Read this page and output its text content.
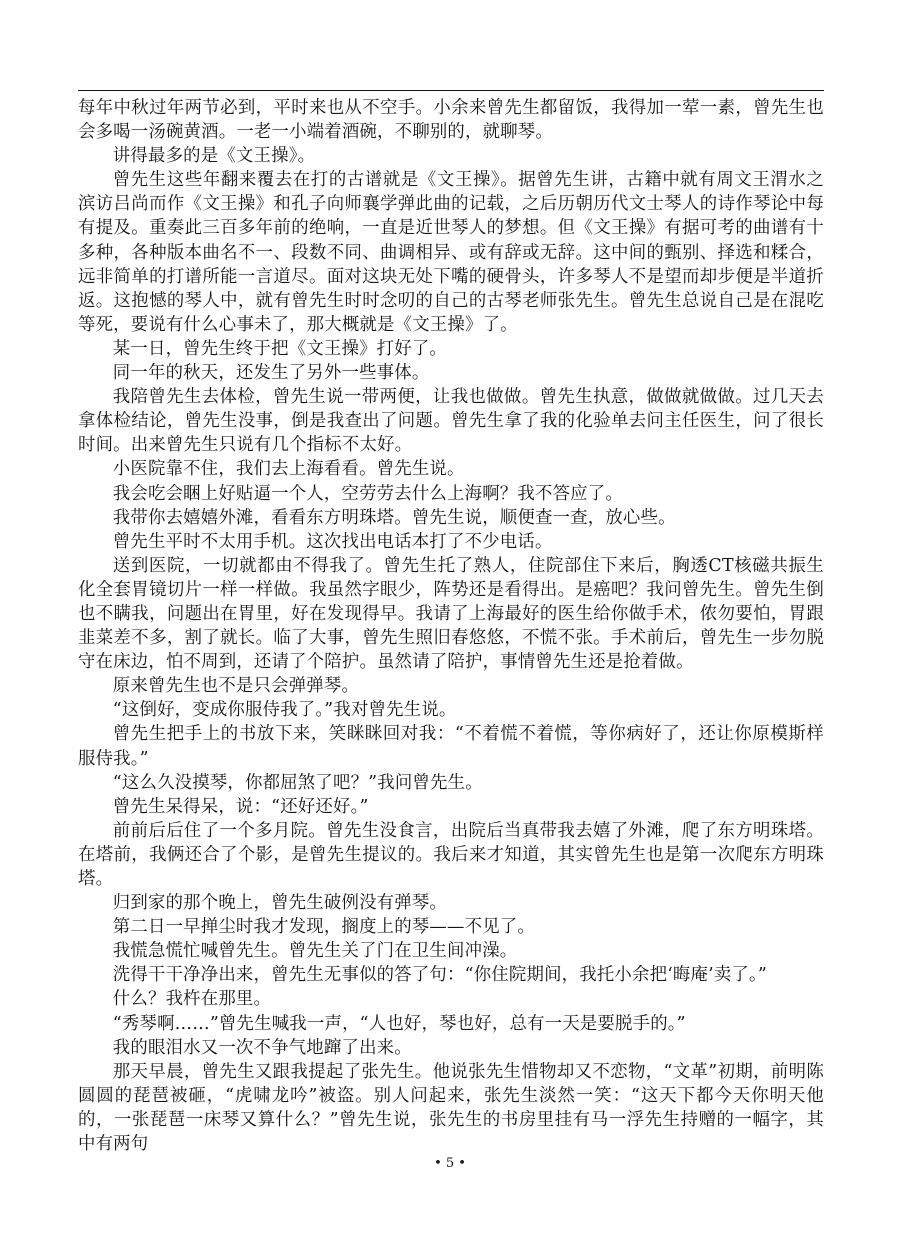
每年中秋过年两节必到，平时来也从不空手。小余来曾先生都留饭，我得加一荤一素，曾先生也会多喝一汤碗黄酒。一老一小端着酒碗，不聊别的，就聊琴。

讲得最多的是《文王操》。

曾先生这些年翻来覆去在打的古谱就是《文王操》。据曾先生讲，古籍中就有周文王渭水之滨访吕尚而作《文王操》和孔子向师襄学弹此曲的记载，之后历朝历代文士琴人的诗作琴论中每有提及。重奏此三百多年前的绝响，一直是近世琴人的梦想。但《文王操》有据可考的曲谱有十多种，各种版本曲名不一、段数不同、曲调相异、或有辞或无辞。这中间的甄别、择选和糅合，远非简单的打谱所能一言道尽。面对这块无处下嘴的硬骨头，许多琴人不是望而却步便是半道折返。这抱憾的琴人中，就有曾先生时时念叨的自己的古琴老师张先生。曾先生总说自己是在混吃等死，要说有什么心事未了，那大概就是《文王操》了。

某一日，曾先生终于把《文王操》打好了。

同一年的秋天，还发生了另外一些事体。

我陪曾先生去体检，曾先生说一带两便，让我也做做。曾先生执意，做做就做做。过几天去拿体检结论，曾先生没事，倒是我查出了问题。曾先生拿了我的化验单去问主任医生，问了很长时间。出来曾先生只说有几个指标不太好。

小医院靠不住，我们去上海看看。曾先生说。

我会吃会睏上好贴逼一个人，空劳劳去什么上海啊？我不答应了。

我带你去嬉嬉外滩，看看东方明珠塔。曾先生说，顺便查一查，放心些。

曾先生平时不太用手机。这次找出电话本打了不少电话。

送到医院，一切就都由不得我了。曾先生托了熟人，住院部住下来后，胸透CT核磁共振生化全套胃镜切片一样一样做。我虽然字眼少，阵势还是看得出。是癌吧？我问曾先生。曾先生倒也不瞒我，问题出在胃里，好在发现得早。我请了上海最好的医生给你做手术，侬勿要怕，胃跟韭菜差不多，割了就长。临了大事，曾先生照旧春悠悠，不慌不张。手术前后，曾先生一步勿脱守在床边，怕不周到，还请了个陪护。虽然请了陪护，事情曾先生还是抢着做。

原来曾先生也不是只会弹弹琴。

“这倒好，变成你服侍我了。”我对曾先生说。

曾先生把手上的书放下来，笑眯眯回对我：“不着慌不着慌，等你病好了，还让你原模斯样服侍我。”

“这么久没摸琴，你都屈煞了吧？”我问曾先生。

曾先生呆得呆，说：“还好还好。”

前前后后住了一个多月院。曾先生没食言，出院后当真带我去嬉了外滩，爬了东方明珠塔。在塔前，我俩还合了个影，是曾先生提议的。我后来才知道，其实曾先生也是第一次爬东方明珠塔。

归到家的那个晚上，曾先生破例没有弹琴。

第二日一早掸尘时我才发现，搁度上的琴——不见了。

我慌急慌忙喊曾先生。曾先生关了门在卫生间冲澡。

洗得干干净净出来，曾先生无事似的答了句：“你住院期间，我托小余把‘晦庵’卖了。”

什么？我杵在那里。

“秀琴啊……”曾先生喊我一声，“人也好，琴也好，总有一天是要脱手的。”

我的眼泪水又一次不争气地蹿了出来。

那天早晨，曾先生又跟我提起了张先生。他说张先生惜物却又不恋物，“文革”初期，前明陈圆圆的琵琶被砸，“虎啸龙吟”被盗。别人问起来，张先生淡然一笑：“这天下都今天你明天他的，一张琵琶一床琴又算什么？”曾先生说，张先生的书房里挂有马一浮先生持赠的一幅字，其中有两句

• 5 •
